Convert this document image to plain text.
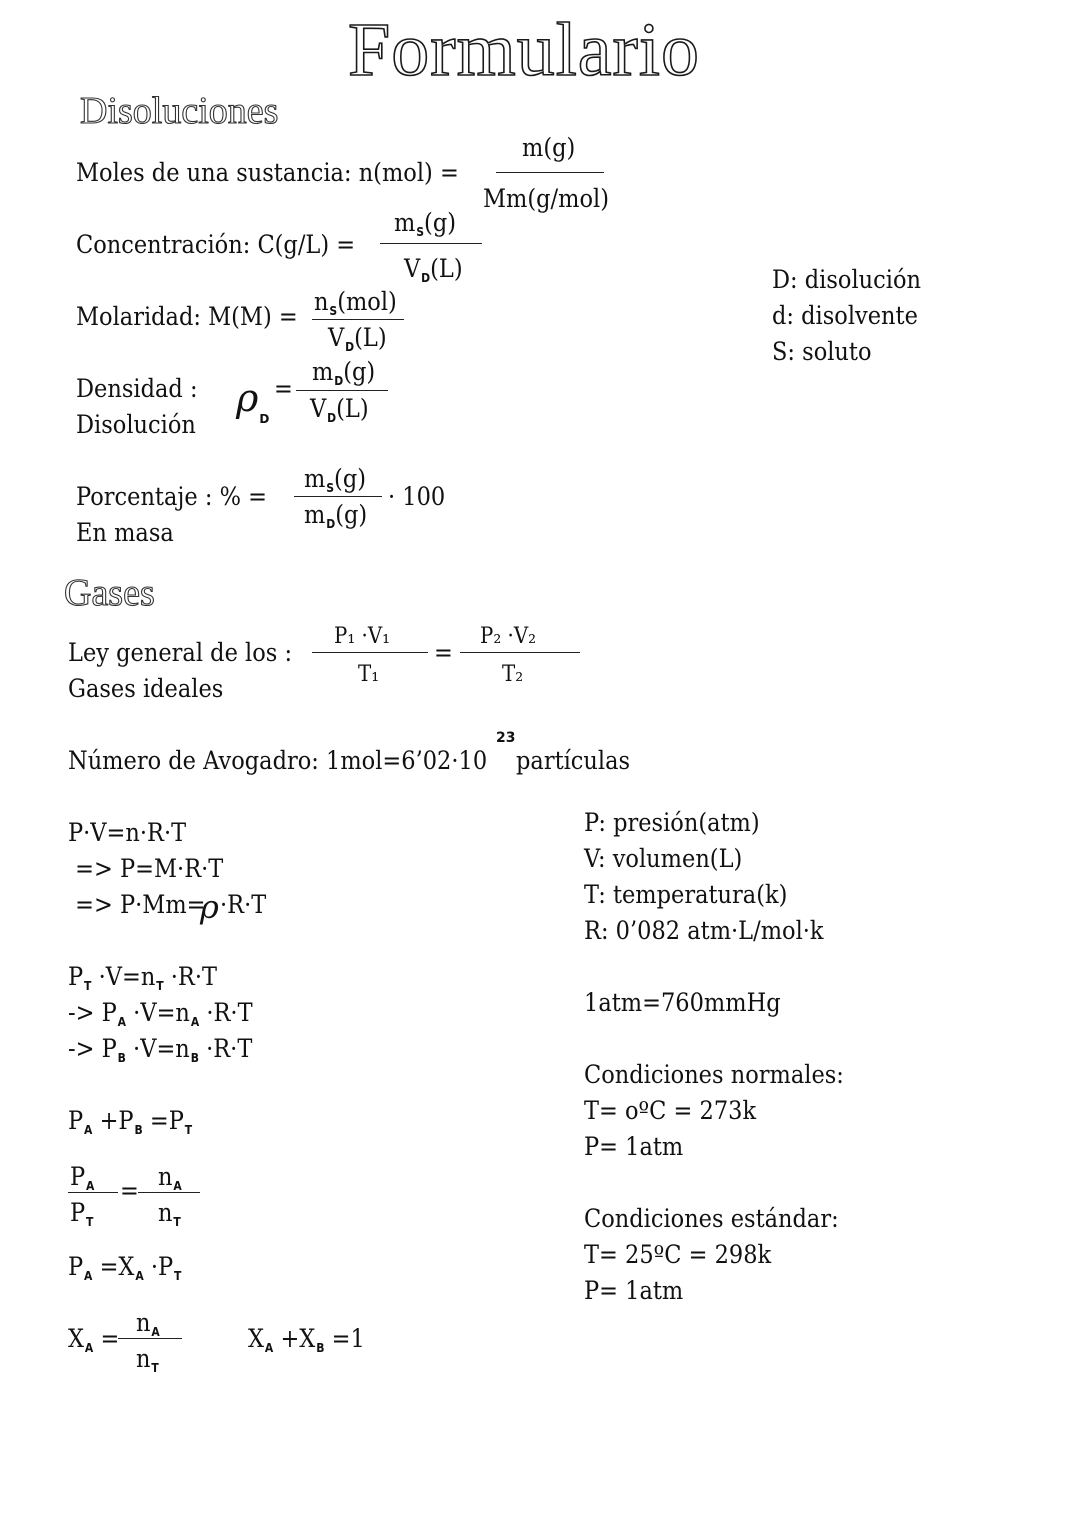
Formulario
Disoluciones
Moles de una sustancia: n(mol) =
m(g)
Mm(g/mol)
Concentración: C(g/L) =
$m_S(g)$
$V_D(L)$
Molaridad: M(M) =
$n_S(mol)$
$V_D(L)$
D: disolución
d: disolvente
S: soluto
Densidad :
Disolución
$\rho_D$
=
$m_D(g)$
$V_D(L)$
Porcentaje : % =
En masa
$m_S(g)$
$m_D(g)$
· 100
Gases
Ley general de los :
Gases ideales
P₁ ·V₁
T₁
=
P₂ ·V₂
T₂
Número de Avogadro: 1mol=6’02·10
23
partículas
P·V=n·R·T
=> P=M·R·T
=> P·Mm=
ρ ·R·T
$P_T \cdot V=n_T \cdot R\cdot T$
-> $P_A \cdot V=n_A \cdot R\cdot T$
-> $P_B \cdot V=n_B \cdot R\cdot T$
$P_A +P_B =P_T$
$P_A$
$P_T$
= $n_A$
$n_T$
$P_A =X_A \cdot P_T$
$X_A$ =
$n_A$
$n_T$
$X_A +X_B =1$
P: presión(atm)
V: volumen(L)
T: temperatura(k)
R: 0’082 atm·L/mol·k
1atm=760mmHg
Condiciones normales:
T= oºC = 273k
P= 1atm
Condiciones estándar:
T= 25ºC = 298k
P= 1atm
